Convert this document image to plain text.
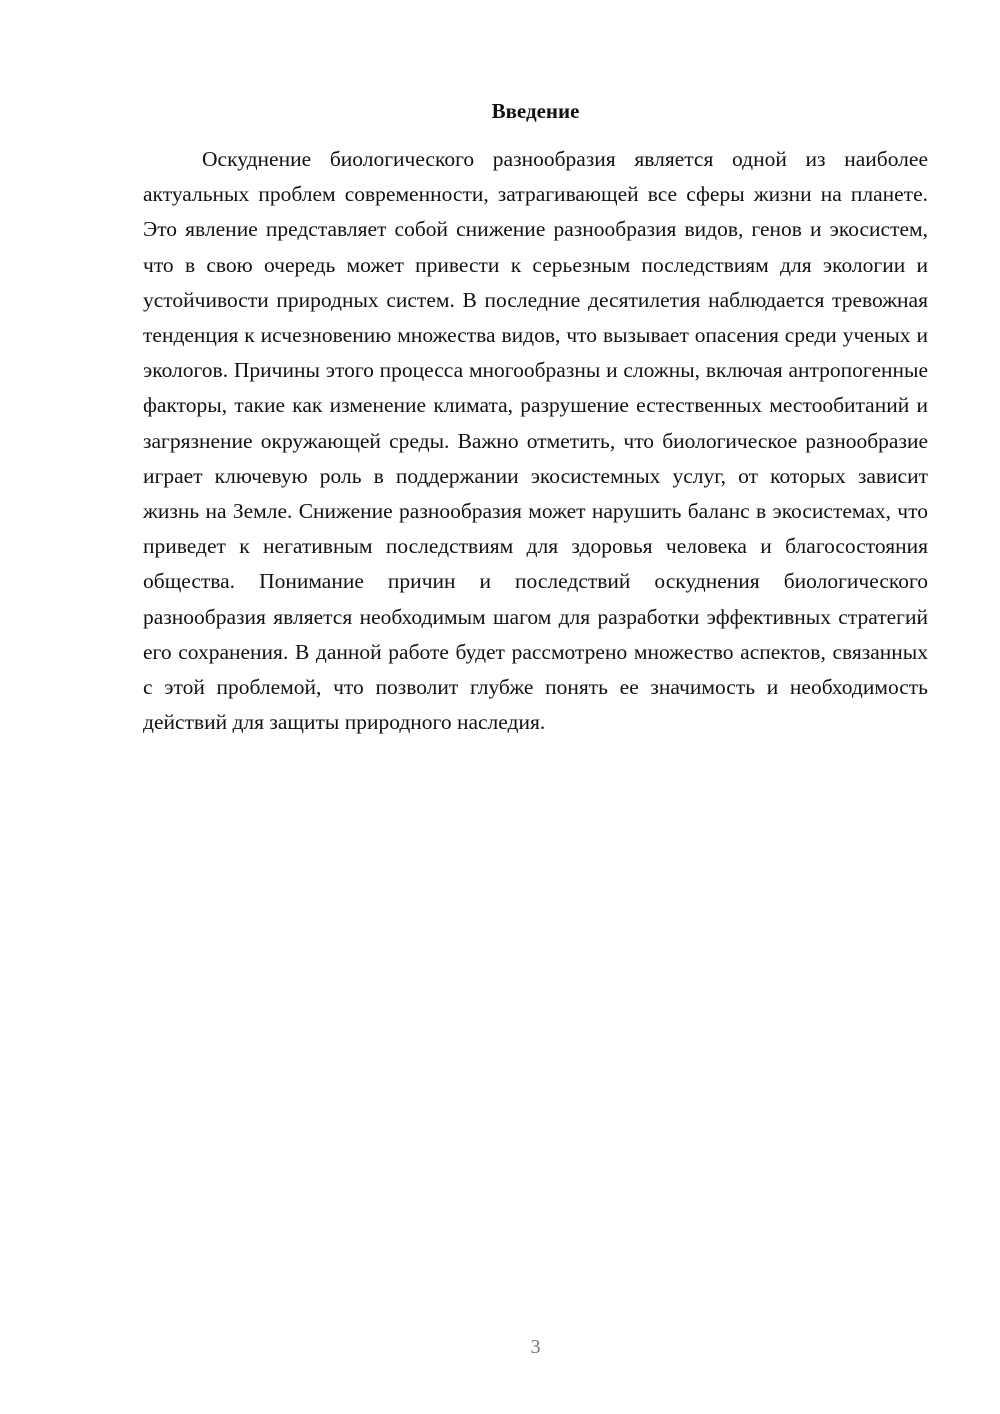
Введение

Оскуднение биологического разнообразия является одной из наиболее актуальных проблем современности, затрагивающей все сферы жизни на планете. Это явление представляет собой снижение разнообразия видов, генов и экосистем, что в свою очередь может привести к серьезным последствиям для экологии и устойчивости природных систем. В последние десятилетия наблюдается тревожная тенденция к исчезновению множества видов, что вызывает опасения среди ученых и экологов. Причины этого процесса многообразны и сложны, включая антропогенные факторы, такие как изменение климата, разрушение естественных местообитаний и загрязнение окружающей среды. Важно отметить, что биологическое разнообразие играет ключевую роль в поддержании экосистемных услуг, от которых зависит жизнь на Земле. Снижение разнообразия может нарушить баланс в экосистемах, что приведет к негативным последствиям для здоровья человека и благосостояния общества. Понимание причин и последствий оскуднения биологического разнообразия является необходимым шагом для разработки эффективных стратегий его сохранения. В данной работе будет рассмотрено множество аспектов, связанных с этой проблемой, что позволит глубже понять ее значимость и необходимость действий для защиты природного наследия.

3
